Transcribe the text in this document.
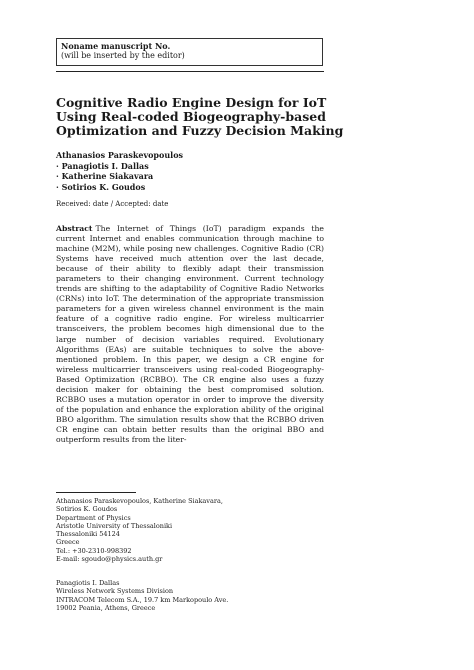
Noname manuscript No.
(will be inserted by the editor)
Cognitive Radio Engine Design for IoT Using Real-coded Biogeography-based Optimization and Fuzzy Decision Making
Athanasios Paraskevopoulos
· Panagiotis I. Dallas
· Katherine Siakavara
· Sotirios K. Goudos
Received: date / Accepted: date
Abstract The Internet of Things (IoT) paradigm expands the current Internet and enables communication through machine to machine (M2M), while posing new challenges. Cognitive Radio (CR) Systems have received much attention over the last decade, because of their ability to flexibly adapt their transmission parameters to their changing environment. Current technology trends are shifting to the adaptability of Cognitive Radio Networks (CRNs) into IoT. The determination of the appropriate transmission parameters for a given wireless channel environment is the main feature of a cognitive radio engine. For wireless multicarrier transceivers, the problem becomes high dimensional due to the large number of decision variables required. Evolutionary Algorithms (EAs) are suitable techniques to solve the above-mentioned problem. In this paper, we design a CR engine for wireless multicarrier transceivers using real-coded Biogeography-Based Optimization (RCBBO). The CR engine also uses a fuzzy decision maker for obtaining the best compromised solution. RCBBO uses a mutation operator in order to improve the diversity of the population and enhance the exploration ability of the original BBO algorithm. The simulation results show that the RCBBO driven CR engine can obtain better results than the original BBO and outperform results from the liter-
Athanasios Paraskevopoulos, Katherine Siakavara,
Sotirios K. Goudos
Department of Physics
Aristotle University of Thessaloniki
Thessaloniki 54124
Greece
Tel.: +30-2310-998392
E-mail: sgoudo@physics.auth.gr
Panagiotis I. Dallas
Wireless Network Systems Division
INTRACOM Telecom S.A., 19.7 km Markopoulo Ave.
19002 Peania, Athens, Greece
